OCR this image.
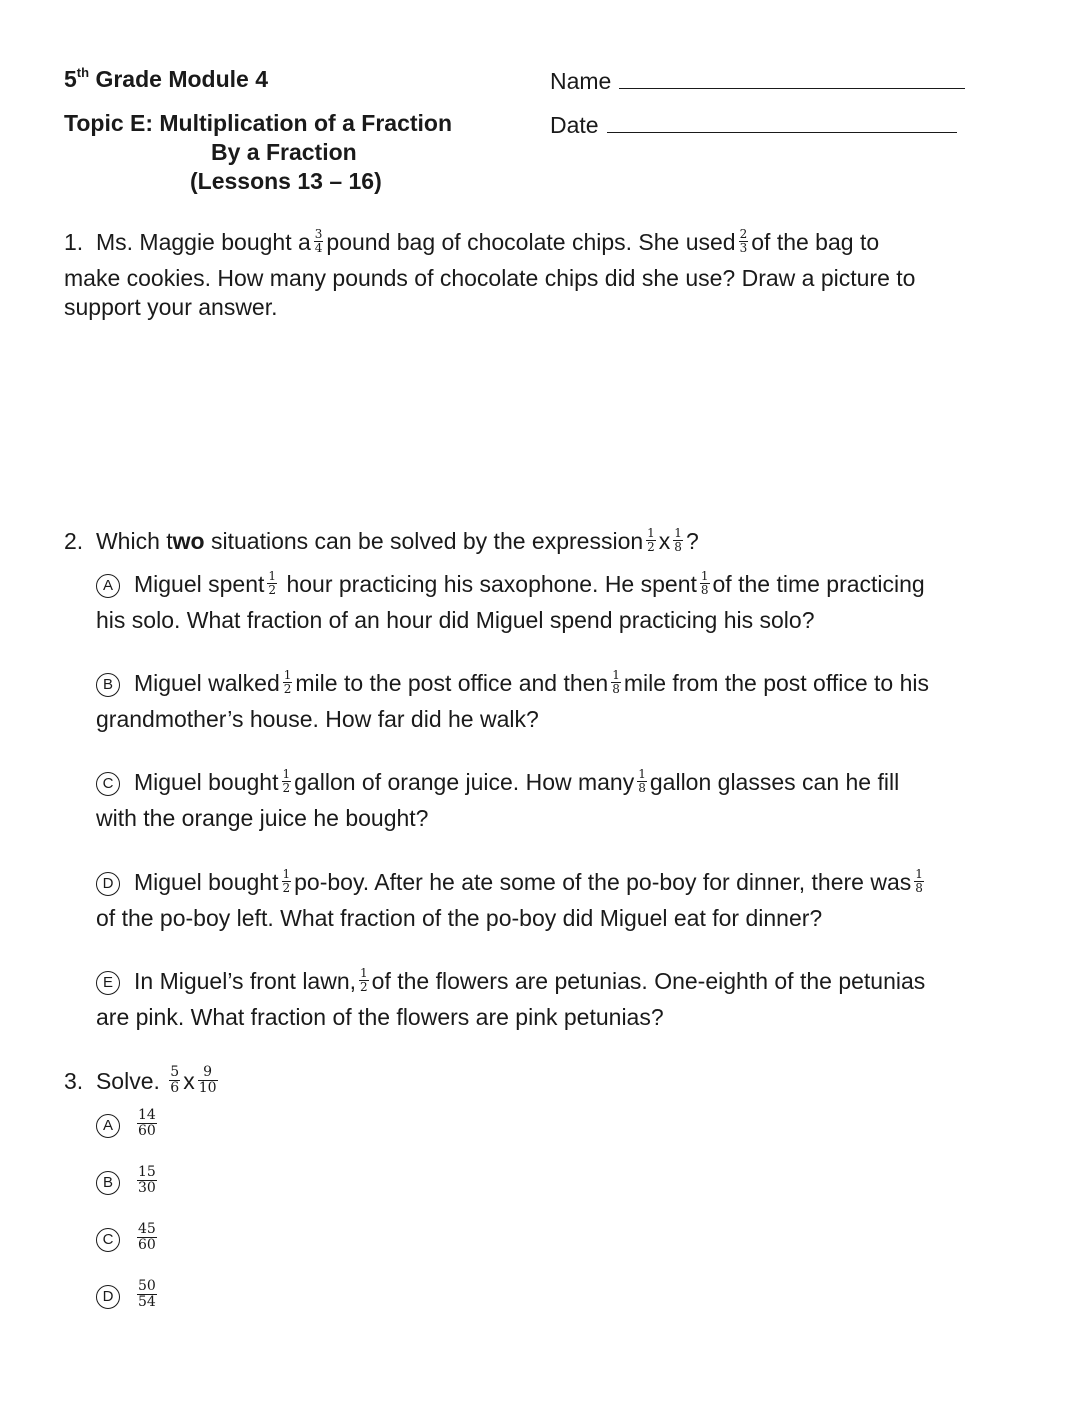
5th Grade Module 4	Name
Topic E: Multiplication of a Fraction	Date
By a Fraction
(Lessons 13 – 16)
1. Ms. Maggie bought a $\frac{3}{4}$ pound bag of chocolate chips. She used $\frac{2}{3}$ of the bag to
make cookies. How many pounds of chocolate chips did she use? Draw a picture to
support your answer.
2. Which two situations can be solved by the expression $\frac{1}{2}$ x $\frac{1}{8}$ ?
A Miguel spent $\frac{1}{2}$ hour practicing his saxophone. He spent $\frac{1}{8}$ of the time practicing
his solo. What fraction of an hour did Miguel spend practicing his solo?
B Miguel walked $\frac{1}{2}$ mile to the post office and then $\frac{1}{8}$ mile from the post office to his
grandmother’s house. How far did he walk?
C Miguel bought $\frac{1}{2}$ gallon of orange juice. How many $\frac{1}{8}$ gallon glasses can he fill
with the orange juice he bought?
D Miguel bought $\frac{1}{2} po-boy$. After he ate some of the po-boy for dinner, there was $\frac{1}{8}$
of the po-boy left. What fraction of the po-boy did Miguel eat for dinner?
E In Miguel’s front lawn, $\frac{1}{2}$ of the flowers are petunias. One-eighth of the petunias
are pink. What fraction of the flowers are pink petunias?
3. Solve. $\frac{5}{6}$ x $\frac{9}{10}$
A $\frac{14}{60}$
B $\frac{15}{30}$
C $\frac{45}{60}$
D $\frac{50}{54}$
